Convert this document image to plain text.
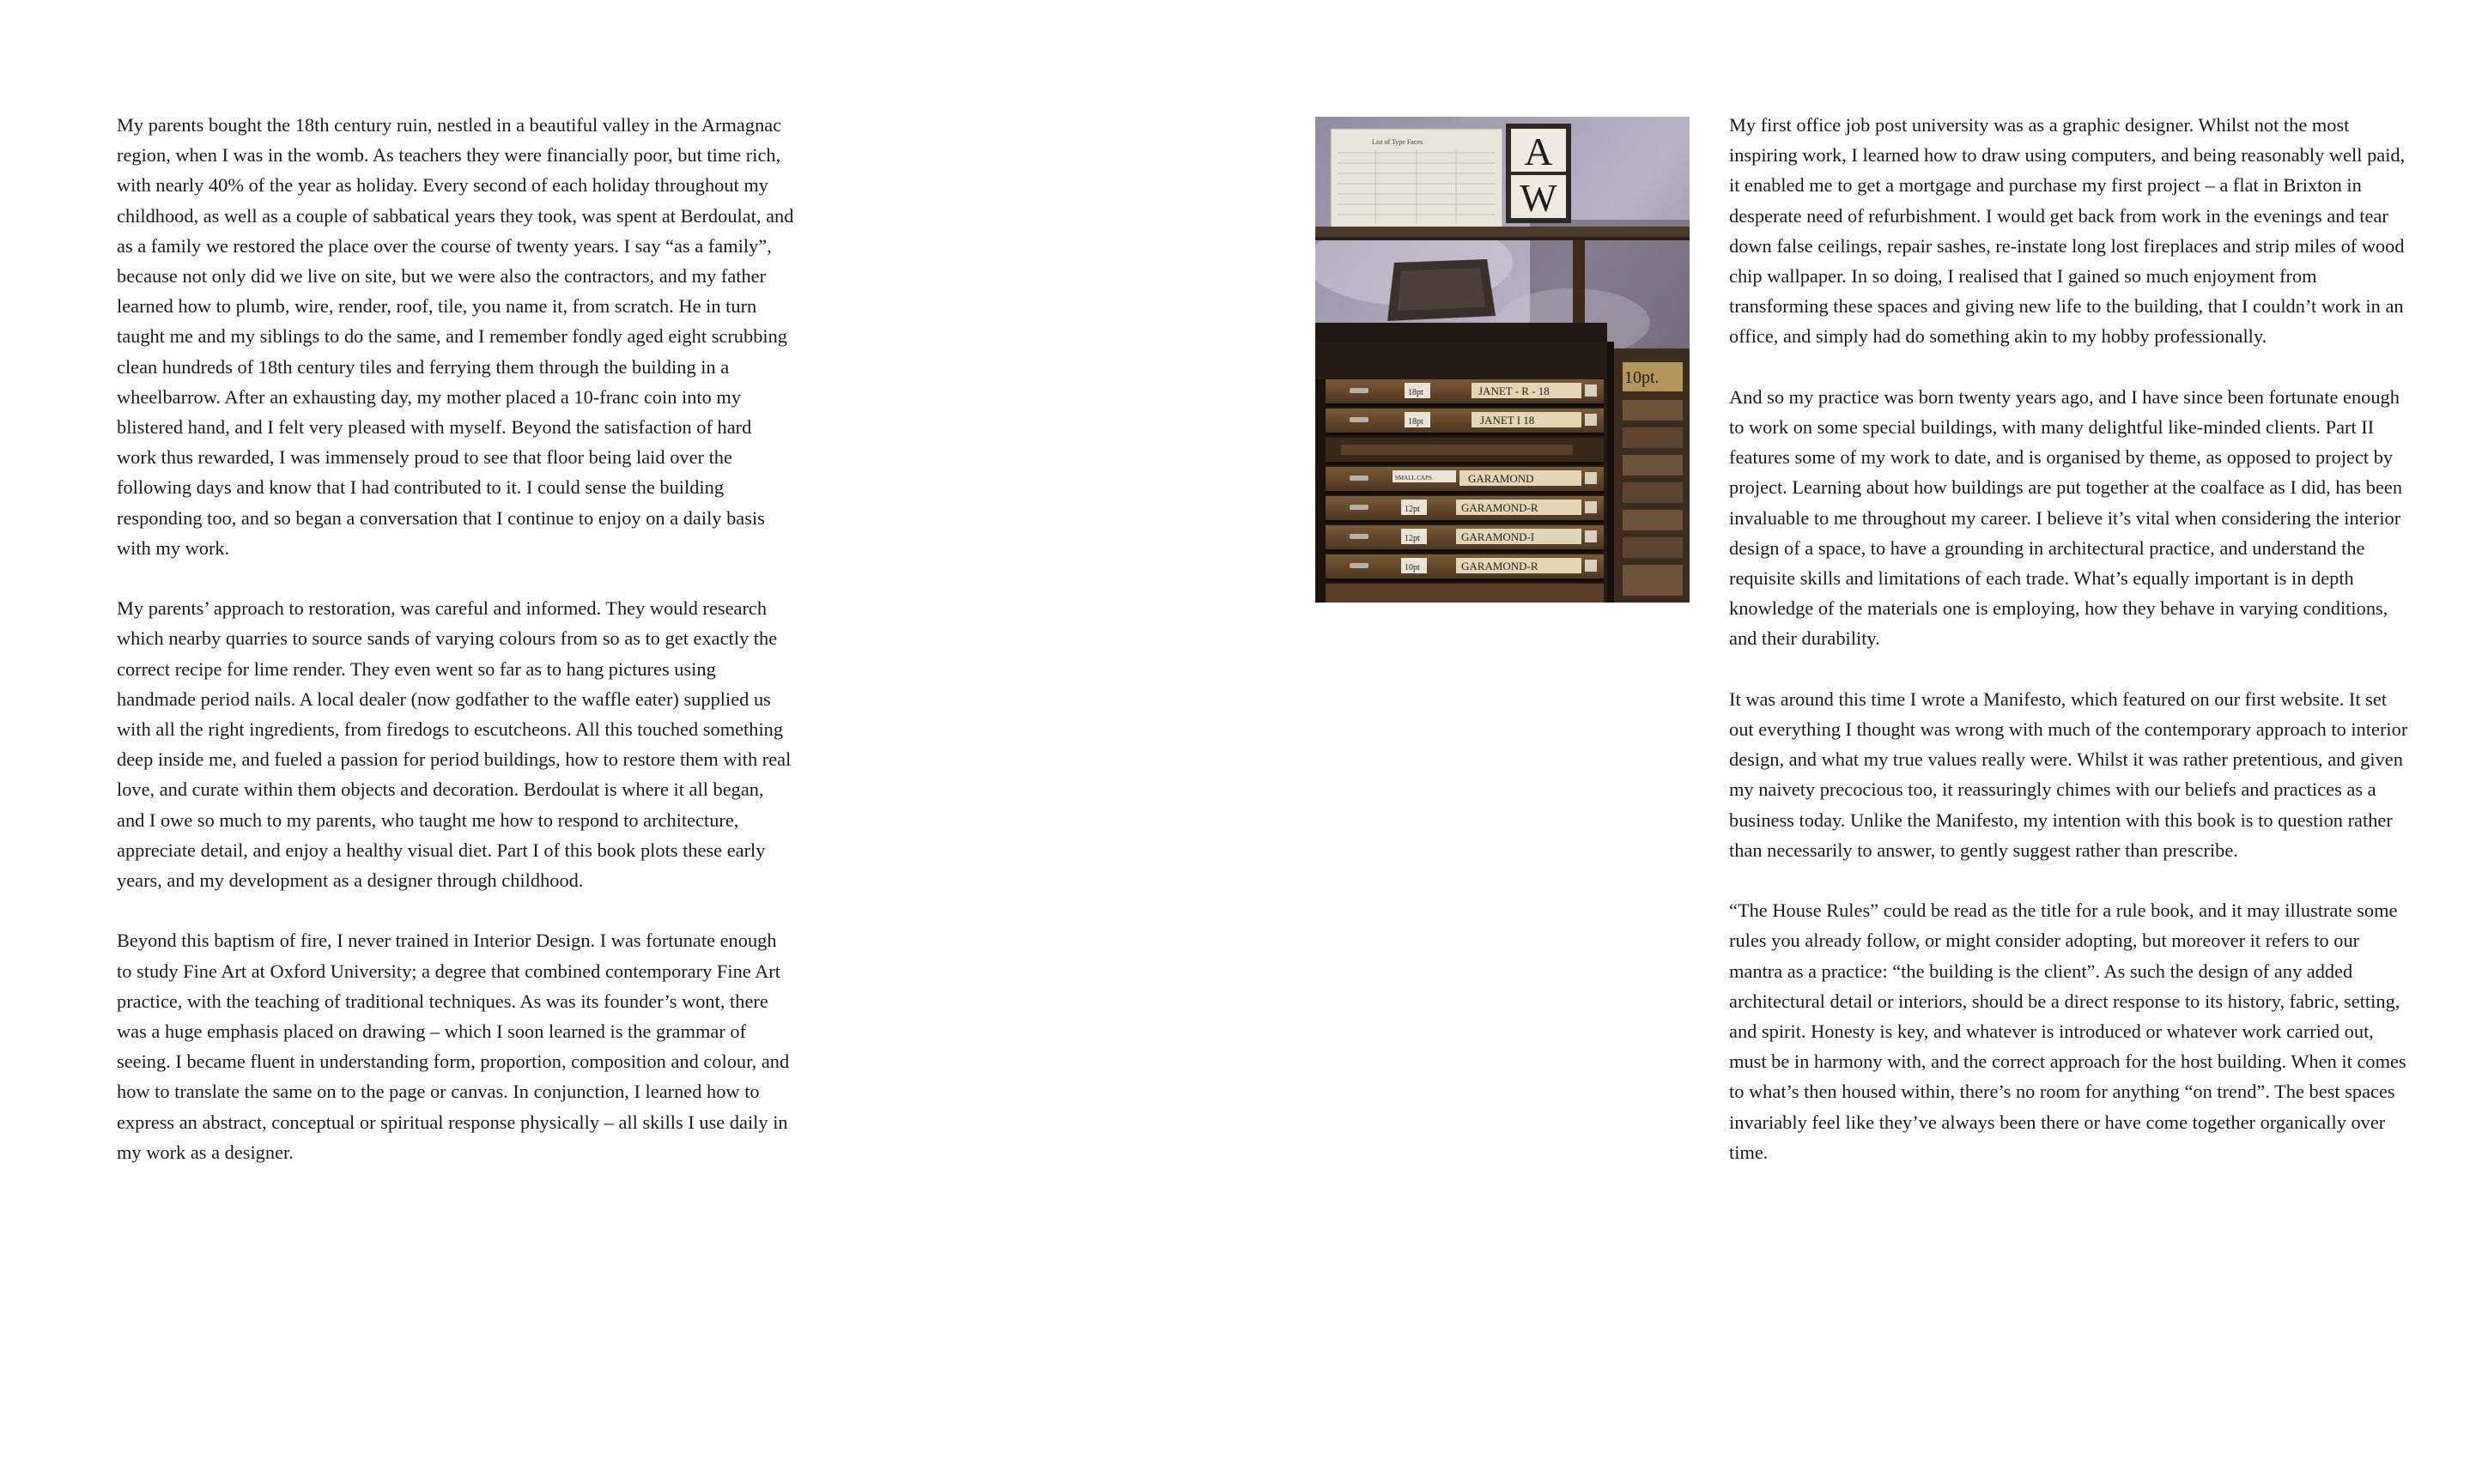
My parents bought the 18th century ruin, nestled in a beautiful valley in the Armagnac region, when I was in the womb. As teachers they were financially poor, but time rich, with nearly 40% of the year as holiday. Every second of each holiday throughout my childhood, as well as a couple of sabbatical years they took, was spent at Berdoulat, and as a family we restored the place over the course of twenty years. I say “as a family”, because not only did we live on site, but we were also the contractors, and my father learned how to plumb, wire, render, roof, tile, you name it, from scratch. He in turn taught me and my siblings to do the same, and I remember fondly aged eight scrubbing clean hundreds of 18th century tiles and ferrying them through the building in a wheelbarrow. After an exhausting day, my mother placed a 10-franc coin into my blistered hand, and I felt very pleased with myself. Beyond the satisfaction of hard work thus rewarded, I was immensely proud to see that floor being laid over the following days and know that I had contributed to it. I could sense the building responding too, and so began a conversation that I continue to enjoy on a daily basis with my work.

My parents’ approach to restoration, was careful and informed. They would research which nearby quarries to source sands of varying colours from so as to get exactly the correct recipe for lime render. They even went so far as to hang pictures using handmade period nails. A local dealer (now godfather to the waffle eater) supplied us with all the right ingredients, from firedogs to escutcheons. All this touched something deep inside me, and fueled a passion for period buildings, how to restore them with real love, and curate within them objects and decoration. Berdoulat is where it all began, and I owe so much to my parents, who taught me how to respond to architecture, appreciate detail, and enjoy a healthy visual diet. Part I of this book plots these early years, and my development as a designer through childhood.

Beyond this baptism of fire, I never trained in Interior Design. I was fortunate enough to study Fine Art at Oxford University; a degree that combined contemporary Fine Art practice, with the teaching of traditional techniques. As was its founder’s wont, there was a huge emphasis placed on drawing – which I soon learned is the grammar of seeing. I became fluent in understanding form, proportion, composition and colour, and how to translate the same on to the page or canvas. In conjunction, I learned how to express an abstract, conceptual or spiritual response physically – all skills I use daily in my work as a designer.

List of Type Faces	A
W
10pt.
18pt	JANET - R - 18
18pt	JANET I 18
SMALL CAPS	GARAMOND
12pt	GARAMOND-R
12pt	GARAMOND-I
10pt	GARAMOND-R

My first office job post university was as a graphic designer. Whilst not the most inspiring work, I learned how to draw using computers, and being reasonably well paid, it enabled me to get a mortgage and purchase my first project – a flat in Brixton in desperate need of refurbishment. I would get back from work in the evenings and tear down false ceilings, repair sashes, re-instate long lost fireplaces and strip miles of wood chip wallpaper. In so doing, I realised that I gained so much enjoyment from transforming these spaces and giving new life to the building, that I couldn’t work in an office, and simply had do something akin to my hobby professionally.

And so my practice was born twenty years ago, and I have since been fortunate enough to work on some special buildings, with many delightful like-minded clients. Part II features some of my work to date, and is organised by theme, as opposed to project by project. Learning about how buildings are put together at the coalface as I did, has been invaluable to me throughout my career. I believe it’s vital when considering the interior design of a space, to have a grounding in architectural practice, and understand the requisite skills and limitations of each trade. What’s equally important is in depth knowledge of the materials one is employing, how they behave in varying conditions, and their durability.

It was around this time I wrote a Manifesto, which featured on our first website. It set out everything I thought was wrong with much of the contemporary approach to interior design, and what my true values really were. Whilst it was rather pretentious, and given my naivety precocious too, it reassuringly chimes with our beliefs and practices as a business today. Unlike the Manifesto, my intention with this book is to question rather than necessarily to answer, to gently suggest rather than prescribe.

“The House Rules” could be read as the title for a rule book, and it may illustrate some rules you already follow, or might consider adopting, but moreover it refers to our mantra as a practice: “the building is the client”. As such the design of any added architectural detail or interiors, should be a direct response to its history, fabric, setting, and spirit. Honesty is key, and whatever is introduced or whatever work carried out, must be in harmony with, and the correct approach for the host building. When it comes to what’s then housed within, there’s no room for anything “on trend”. The best spaces invariably feel like they’ve always been there or have come together organically over time.
